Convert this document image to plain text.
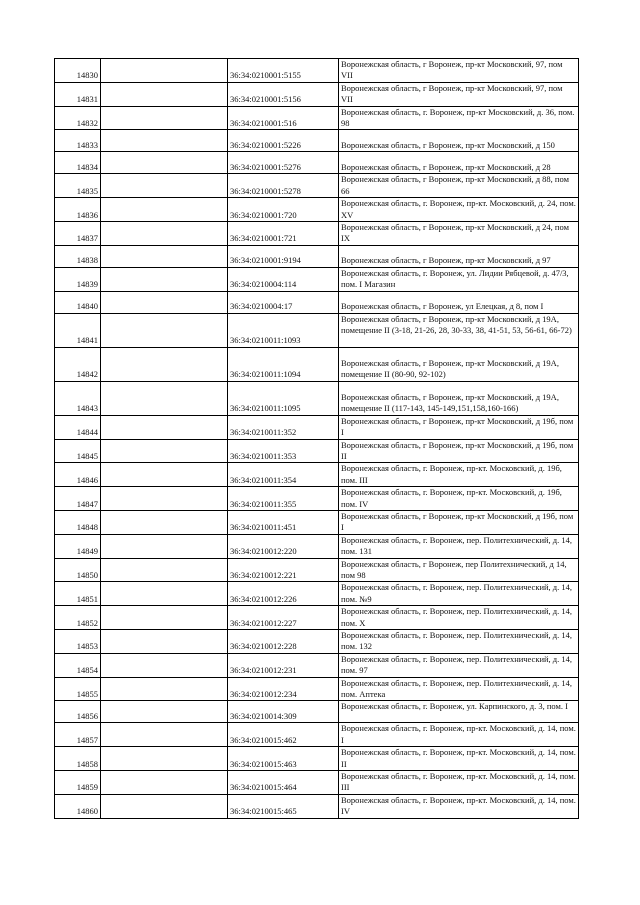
14830		36:34:0210001:5155	Воронежская область, г Воронеж, пр-кт Московский, 97, пом VII
14831		36:34:0210001:5156	Воронежская область, г Воронеж, пр-кт Московский, 97, пом VII
14832		36:34:0210001:516	Воронежская область, г. Воронеж, пр-кт Московский, д. 36, пом. 98
14833		36:34:0210001:5226	Воронежская область, г Воронеж, пр-кт Московский, д 150
14834		36:34:0210001:5276	Воронежская область, г Воронеж, пр-кт Московский, д 28
14835		36:34:0210001:5278	Воронежская область, г Воронеж, пр-кт Московский, д 88, пом 66
14836		36:34:0210001:720	Воронежская область, г. Воронеж, пр-кт. Московский, д. 24, пом. XV
14837		36:34:0210001:721	Воронежская область, г Воронеж, пр-кт Московский, д 24, пом IX
14838		36:34:0210001:9194	Воронежская область, г Воронеж, пр-кт Московский, д 97
14839		36:34:0210004:114	Воронежская область, г. Воронеж, ул. Лидии Рябцевой, д. 47/3, пом. I Магазин
14840		36:34:0210004:17	Воронежская область, г Воронеж, ул Елецкая, д 8, пом I
14841		36:34:0210011:1093	Воронежская область, г Воронеж, пр-кт Московский, д 19А, помещение II (3-18, 21-26, 28, 30-33, 38, 41-51, 53, 56-61, 66-72)
14842		36:34:0210011:1094	Воронежская область, г Воронеж, пр-кт Московский, д 19А, помещение II (80-90, 92-102)
14843		36:34:0210011:1095	Воронежская область, г Воронеж, пр-кт Московский, д 19А, помещение II (117-143, 145-149,151,158,160-166)
14844		36:34:0210011:352	Воронежская область, г Воронеж, пр-кт Московский, д 19б, пом I
14845		36:34:0210011:353	Воронежская область, г Воронеж, пр-кт Московский, д 19б, пом II
14846		36:34:0210011:354	Воронежская область, г. Воронеж, пр-кт. Московский, д. 19б, пом. III
14847		36:34:0210011:355	Воронежская область, г. Воронеж, пр-кт. Московский, д. 19б, пом. IV
14848		36:34:0210011:451	Воронежская область, г Воронеж, пр-кт Московский, д 19б, пом I
14849		36:34:0210012:220	Воронежская область, г. Воронеж, пер. Политехнический, д. 14, пом. 131
14850		36:34:0210012:221	Воронежская область, г Воронеж, пер Политехнический, д 14, пом 98
14851		36:34:0210012:226	Воронежская область, г. Воронеж, пер. Политехнический, д. 14, пом. №9
14852		36:34:0210012:227	Воронежская область, г. Воронеж, пер. Политехнический, д. 14, пом. X
14853		36:34:0210012:228	Воронежская область, г. Воронеж, пер. Политехнический, д. 14, пом. 132
14854		36:34:0210012:231	Воронежская область, г. Воронеж, пер. Политехнический, д. 14, пом. 97
14855		36:34:0210012:234	Воронежская область, г. Воронеж, пер. Политехнический, д. 14, пом. Аптека
14856		36:34:0210014:309	Воронежская область, г. Воронеж, ул. Карпинского, д. 3, пом. I
14857		36:34:0210015:462	Воронежская область, г. Воронеж, пр-кт. Московский, д. 14, пом. I
14858		36:34:0210015:463	Воронежская область, г. Воронеж, пр-кт. Московский, д. 14, пом. II
14859		36:34:0210015:464	Воронежская область, г. Воронеж, пр-кт. Московский, д. 14, пом. III
14860		36:34:0210015:465	Воронежская область, г. Воронеж, пр-кт. Московский, д. 14, пом. IV
